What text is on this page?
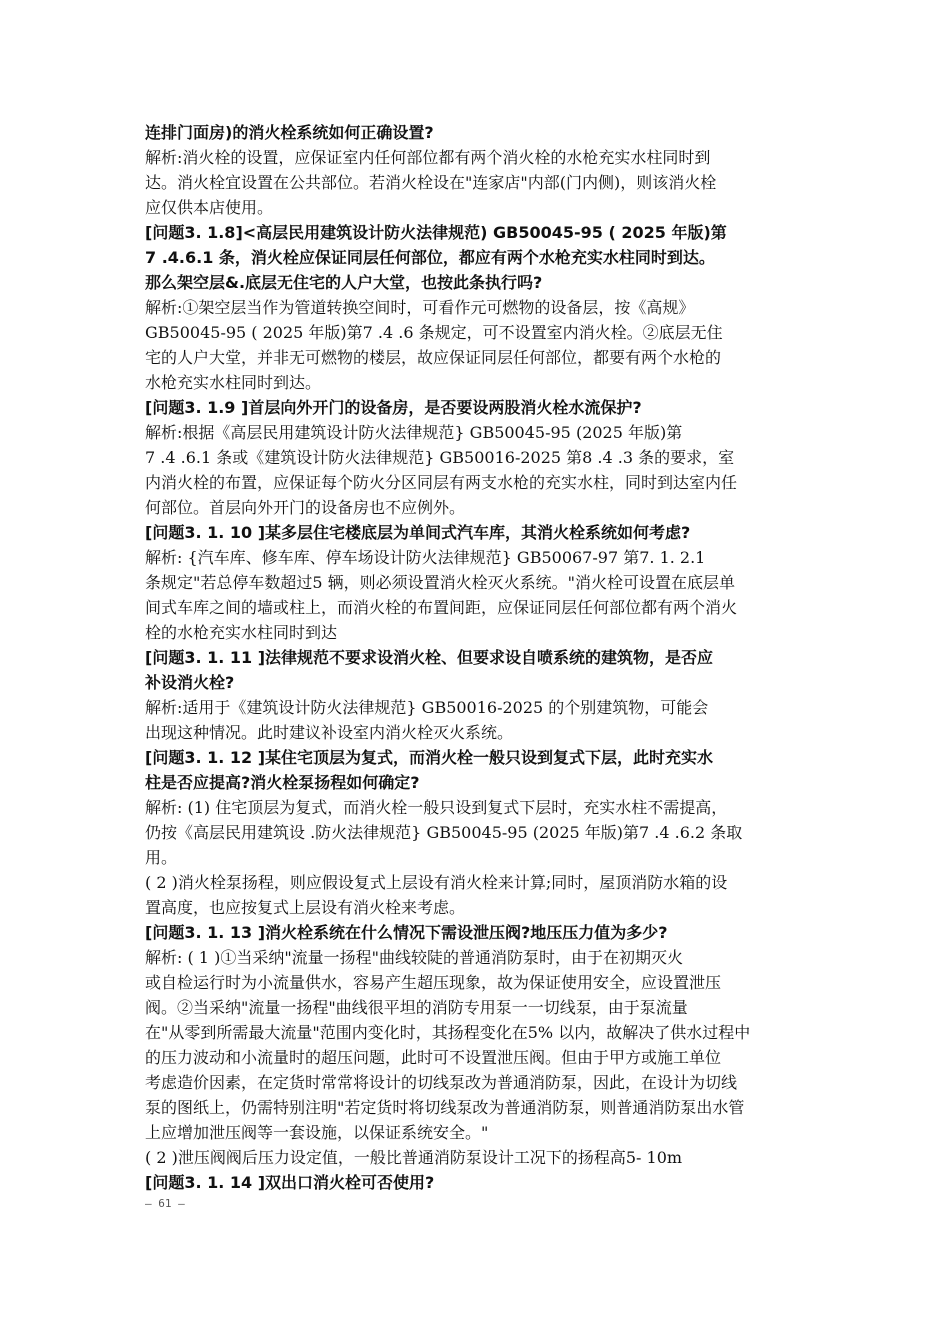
连排门面房)的消火栓系统如何正确设置?
解析:消火栓的设置，应保证室内任何部位都有两个消火栓的水枪充实水柱同时到
达。消火栓宜设置在公共部位。若消火栓设在"连家店"内部(门内侧)，则该消火栓
应仅供本店使用。
[问题3. 1.8]<高层民用建筑设计防火法律规范) GB50045-95 ( 2025 年版)第
7 .4.6.1 条，消火栓应保证同层任何部位，都应有两个水枪充实水柱同时到达。
那么架空层&.底层无住宅的人户大堂，也按此条执行吗?
解析:①架空层当作为管道转换空间时，可看作元可燃物的设备层，按《高规》
GB50045-95 ( 2025 年版)第7 .4 .6 条规定，可不设置室内消火栓。②底层无住
宅的人户大堂，并非无可燃物的楼层，故应保证同层任何部位，都要有两个水枪的
水枪充实水柱同时到达。
[问题3. 1.9 ]首层向外开门的设备房，是否要设两股消火栓水流保护?
解析:根据《高层民用建筑设计防火法律规范} GB50045-95 (2025 年版)第
7 .4 .6.1 条或《建筑设计防火法律规范} GB50016-2025 第8 .4 .3 条的要求，室
内消火栓的布置，应保证每个防火分区同层有两支水枪的充实水柱，同时到达室内任
何部位。首层向外开门的设备房也不应例外。
[问题3. 1. 10 ]某多层住宅楼底层为单间式汽车库，其消火栓系统如何考虑?
解析: {汽车库、修车库、停车场设计防火法律规范} GB50067-97 第7. 1. 2.1
条规定"若总停车数超过5 辆，则必须设置消火栓灭火系统。"消火栓可设置在底层单
间式车库之间的墙或柱上，而消火栓的布置间距，应保证同层任何部位都有两个消火
栓的水枪充实水柱同时到达
[问题3. 1. 11 ]法律规范不要求设消火栓、但要求设自喷系统的建筑物，是否应
补设消火栓?
解析:适用于《建筑设计防火法律规范} GB50016-2025 的个别建筑物，可能会
出现这种情况。此时建议补设室内消火栓灭火系统。
[问题3. 1. 12 ]某住宅顶层为复式，而消火栓一般只设到复式下层，此时充实水
柱是否应提高?消火栓泵扬程如何确定?
解析: (1) 住宅顶层为复式，而消火栓一般只设到复式下层时，充实水柱不需提高，
仍按《高层民用建筑设 .防火法律规范} GB50045-95 (2025 年版)第7 .4 .6.2 条取
用。
( 2 )消火栓泵扬程，则应假设复式上层设有消火栓来计算;同时，屋顶消防水箱的设
置高度，也应按复式上层设有消火栓来考虑。
[问题3. 1. 13 ]消火栓系统在什么情况下需设泄压阀?地压压力值为多少?
解析: ( 1 )①当采纳"流量一扬程"曲线较陡的普通消防泵时，由于在初期灭火
或自检运行时为小流量供水，容易产生超压现象，故为保证使用安全，应设置泄压
阀。②当采纳"流量一扬程"曲线很平坦的消防专用泵一一切线泵，由于泵流量
在"从零到所需最大流量"范围内变化时，其扬程变化在5% 以内，故解决了供水过程中
的压力波动和小流量时的超压问题，此时可不设置泄压阀。但由于甲方或施工单位
考虑造价因素，在定货时常常将设计的切线泵改为普通消防泵，因此，在设计为切线
泵的图纸上，仍需特别注明"若定货时将切线泵改为普通消防泵，则普通消防泵出水管
上应增加泄压阀等一套设施，以保证系统安全。"
( 2 )泄压阀阀后压力设定值，一般比普通消防泵设计工况下的扬程高5- 10m
[问题3. 1. 14 ]双出口消火栓可否使用?
— 61 —
